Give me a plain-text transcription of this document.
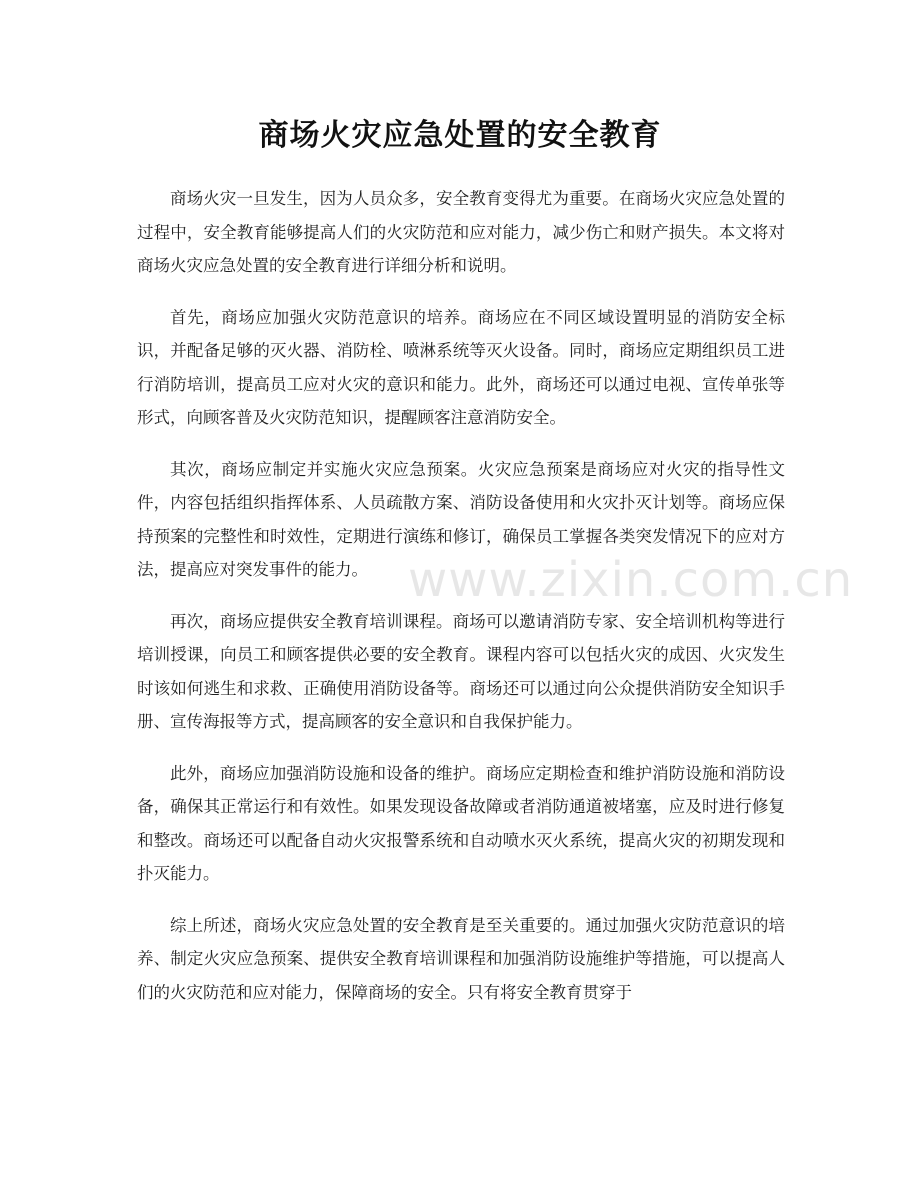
商场火灾应急处置的安全教育

商场火灾一旦发生，因为人员众多，安全教育变得尤为重要。在商场火灾应急处置的过程中，安全教育能够提高人们的火灾防范和应对能力，减少伤亡和财产损失。本文将对商场火灾应急处置的安全教育进行详细分析和说明。

首先，商场应加强火灾防范意识的培养。商场应在不同区域设置明显的消防安全标识，并配备足够的灭火器、消防栓、喷淋系统等灭火设备。同时，商场应定期组织员工进行消防培训，提高员工应对火灾的意识和能力。此外，商场还可以通过电视、宣传单张等形式，向顾客普及火灾防范知识，提醒顾客注意消防安全。

其次，商场应制定并实施火灾应急预案。火灾应急预案是商场应对火灾的指导性文件，内容包括组织指挥体系、人员疏散方案、消防设备使用和火灾扑灭计划等。商场应保持预案的完整性和时效性，定期进行演练和修订，确保员工掌握各类突发情况下的应对方法，提高应对突发事件的能力。

再次，商场应提供安全教育培训课程。商场可以邀请消防专家、安全培训机构等进行培训授课，向员工和顾客提供必要的安全教育。课程内容可以包括火灾的成因、火灾发生时该如何逃生和求救、正确使用消防设备等。商场还可以通过向公众提供消防安全知识手册、宣传海报等方式，提高顾客的安全意识和自我保护能力。

此外，商场应加强消防设施和设备的维护。商场应定期检查和维护消防设施和消防设备，确保其正常运行和有效性。如果发现设备故障或者消防通道被堵塞，应及时进行修复和整改。商场还可以配备自动火灾报警系统和自动喷水灭火系统，提高火灾的初期发现和扑灭能力。

综上所述，商场火灾应急处置的安全教育是至关重要的。通过加强火灾防范意识的培养、制定火灾应急预案、提供安全教育培训课程和加强消防设施维护等措施，可以提高人们的火灾防范和应对能力，保障商场的安全。只有将安全教育贯穿于

www.zixin.com.cn
